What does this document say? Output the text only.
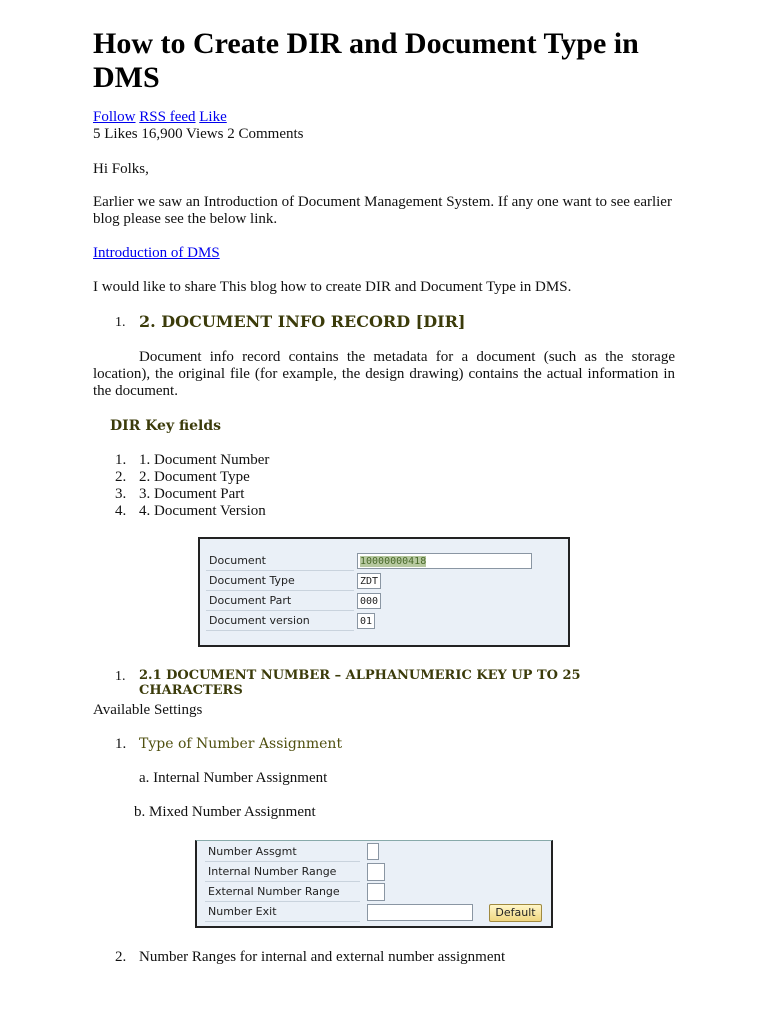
How to Create DIR and Document Type in DMS

Follow RSS feed Like

5 Likes 16,900 Views 2 Comments

Hi Folks,

Earlier we saw an Introduction of Document Management System. If any one want to see earlier blog please see the below link.

Introduction of DMS

I would like to share This blog how to create DIR and Document Type in DMS.

1. 2. DOCUMENT INFO RECORD [DIR]

Document info record contains the metadata for a document (such as the storage location), the original file (for example, the design drawing) contains the actual information in the document.

DIR Key fields
1. 1. Document Number
2. 2. Document Type
3. 3. Document Part
4. 4. Document Version
1. 2.1 DOCUMENT NUMBER – ALPHANUMERIC KEY UP TO 25 CHARACTERS

Available Settings

1. Type of Number Assignment
a. Internal Number Assignment
b. Mixed Number Assignment
2. Number Ranges for internal and external number assignment
Document
Document Type
Document Part
Document version
10000000418
ZDT
000
01
Number Assgmt
Internal Number Range
External Number Range
Number Exit	Default
